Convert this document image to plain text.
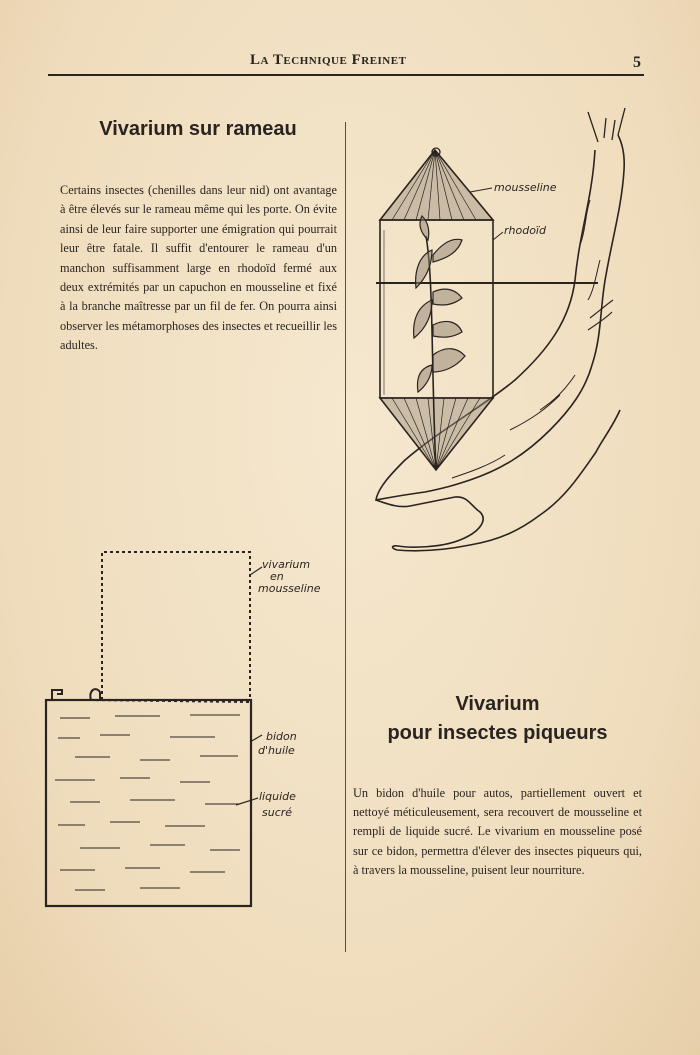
La Technique Freinet	5
Vivarium sur rameau

Certains insectes (chenilles dans leur nid) ont avantage à être élevés sur le rameau même qui les porte. On évite ainsi de leur faire supporter une émigration qui pourrait leur être fatale. Il suffit d'entourer le rameau d'un manchon suffisamment large en rhodoïd fermé aux deux extrémités par un capuchon en mousseline et fixé à la branche maîtresse par un fil de fer. On pourra ainsi observer les métamorphoses des insectes et recueillir les adultes.

mousseline
rhodoïd
vivarium
en
mousseline
bidon
d'huile
liquide
sucré
Vivarium
pour insectes piqueurs

Un bidon d'huile pour autos, partiellement ouvert et nettoyé méticuleusement, sera recouvert de mousseline et rempli de liquide sucré. Le vivarium en mousseline posé sur ce bidon, permettra d'élever des insectes piqueurs qui, à travers la mousseline, puisent leur nourriture.
